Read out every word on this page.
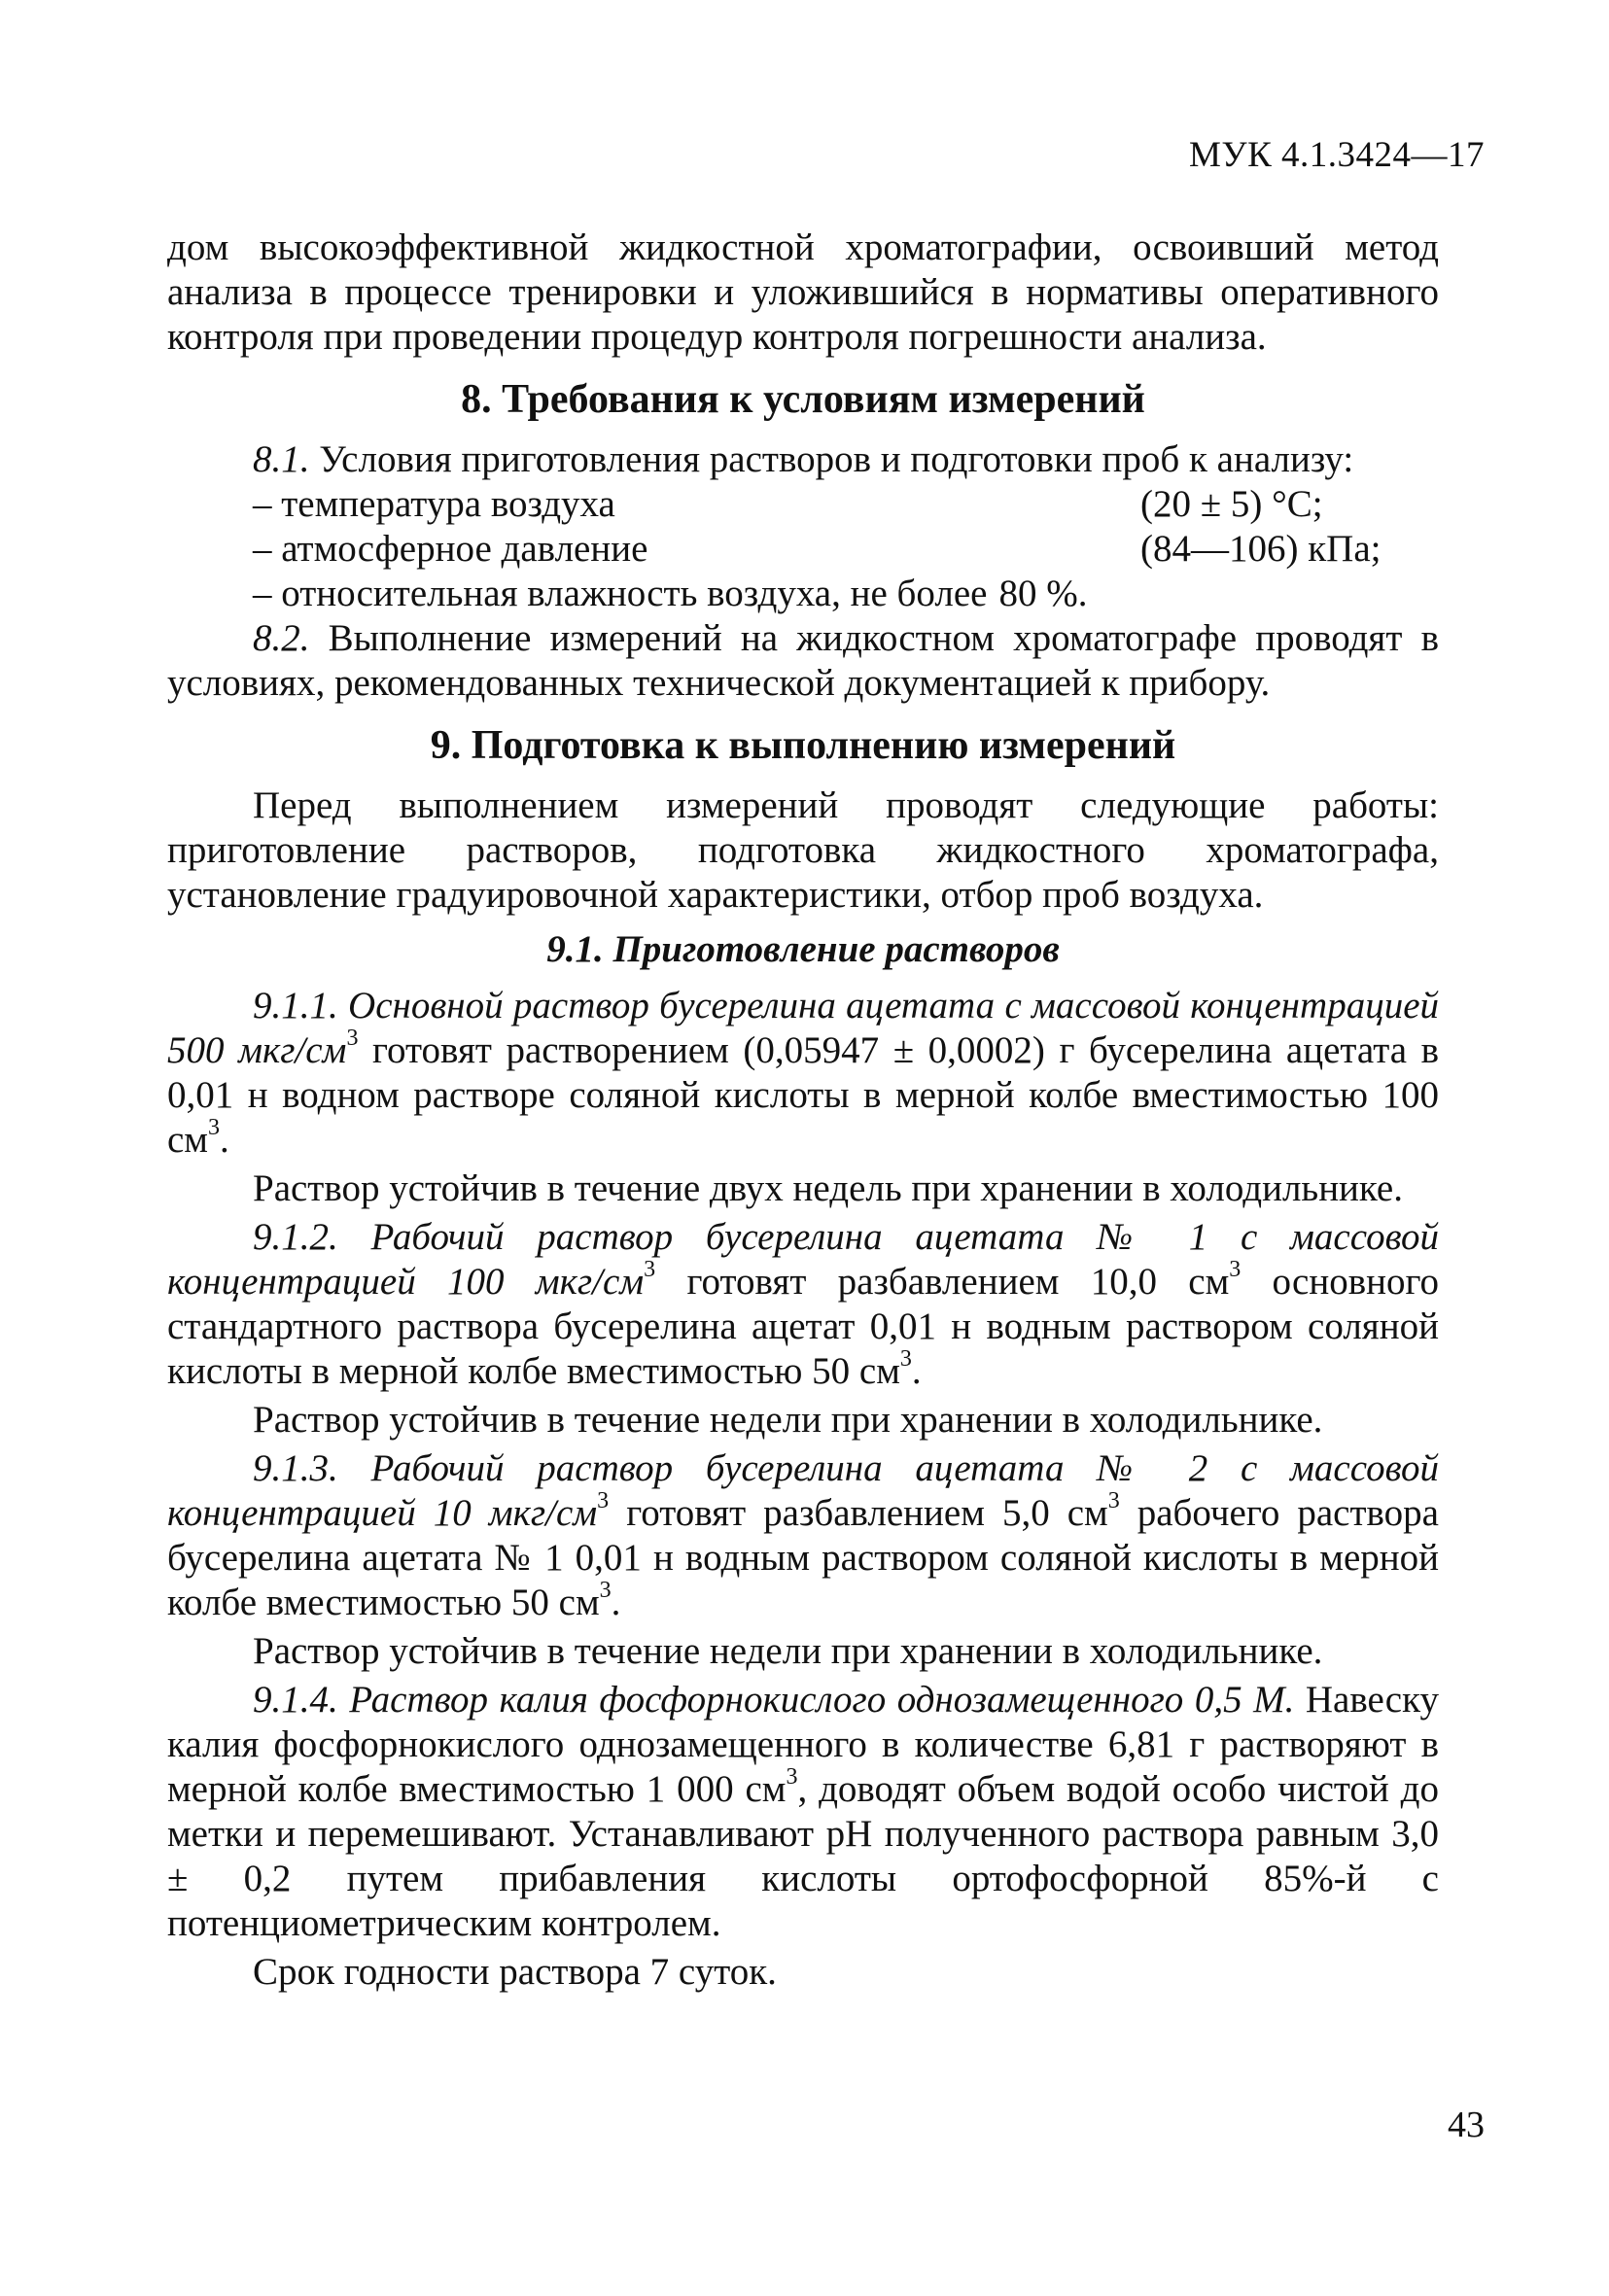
МУК 4.1.3424—17

дом высокоэффективной жидкостной хроматографии, освоивший метод анализа в процессе тренировки и уложившийся в нормативы оперативного контроля при проведении процедур контроля погрешности анализа.

8. Требования к условиям измерений

8.1. Условия приготовления растворов и подготовки проб к анализу:

– температура воздуха	(20 ± 5) °С;
– атмосферное давление	(84—106) кПа;
– относительная влажность воздуха, не более 80 %.

8.2. Выполнение измерений на жидкостном хроматографе проводят в условиях, рекомендованных технической документацией к прибору.

9. Подготовка к выполнению измерений

Перед выполнением измерений проводят следующие работы: приготовление растворов, подготовка жидкостного хроматографа, установление градуировочной характеристики, отбор проб воздуха.

9.1. Приготовление растворов

9.1.1. Основной раствор бусерелина ацетата с массовой концентрацией 500 мкг/$см^3$ готовят растворением (0,05947 ± 0,0002) г бусерелина ацетата в 0,01 н водном растворе соляной кислоты в мерной колбе вместимостью 100 $см^3$.

Раствор устойчив в течение двух недель при хранении в холодильнике.

9.1.2. Рабочий раствор бусерелина ацетата № 1 с массовой концентрацией 100 мкг/$см^3$ готовят разбавлением 10,0 $см^3$ основного стандартного раствора бусерелина ацетат 0,01 н водным раствором соляной кислоты в мерной колбе вместимостью 50 $см^3$.

Раствор устойчив в течение недели при хранении в холодильнике.

9.1.3. Рабочий раствор бусерелина ацетата № 2 с массовой концентрацией 10 мкг/$см^3$ готовят разбавлением 5,0 $см^3$ рабочего раствора бусерелина ацетата № 1 0,01 н водным раствором соляной кислоты в мерной колбе вместимостью 50 $см^3$.

Раствор устойчив в течение недели при хранении в холодильнике.

9.1.4. Раствор калия фосфорнокислого однозамещенного 0,5 М. Навеску калия фосфорнокислого однозамещенного в количестве 6,81 г растворяют в мерной колбе вместимостью 1 000 $см^3$, доводят объем водой особо чистой до метки и перемешивают. Устанавливают рН полученного раствора равным 3,0 ± 0,2 путем прибавления кислоты ортофосфорной 85%-й с потенциометрическим контролем.

Срок годности раствора 7 суток.

43
